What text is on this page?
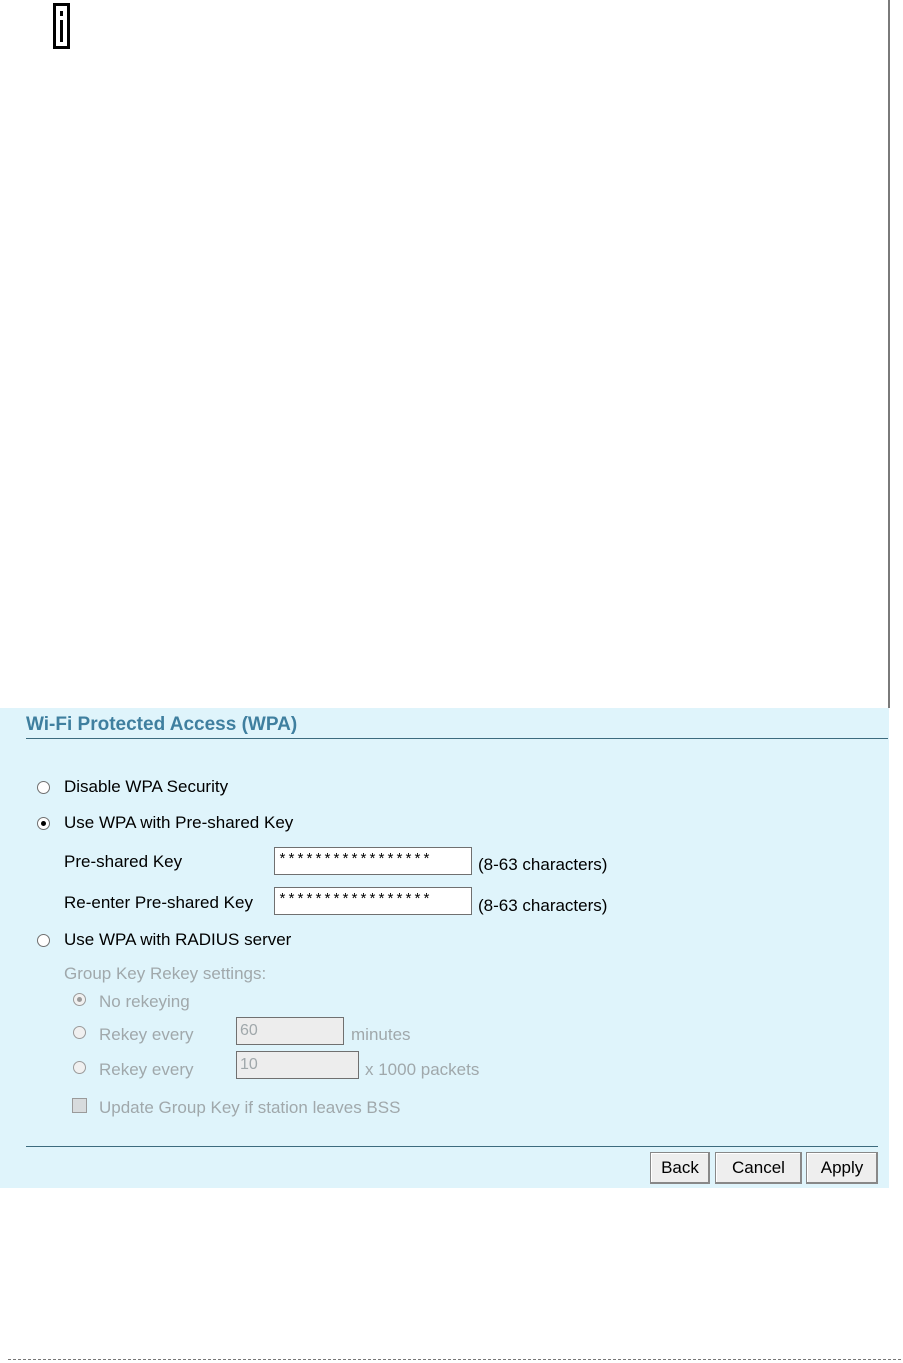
Wi-Fi Protected Access (WPA)
Disable WPA Security
Use WPA with Pre-shared Key
Pre-shared Key	*****************	(8-63 characters)
Re-enter Pre-shared Key *****************	(8-63 characters)
Use WPA with RADIUS server
Group Key Rekey settings:
No rekeying
Rekey every	60	minutes
Rekey every	10	x 1000 packets
Update Group Key if station leaves BSS
Back	Cancel	Apply
